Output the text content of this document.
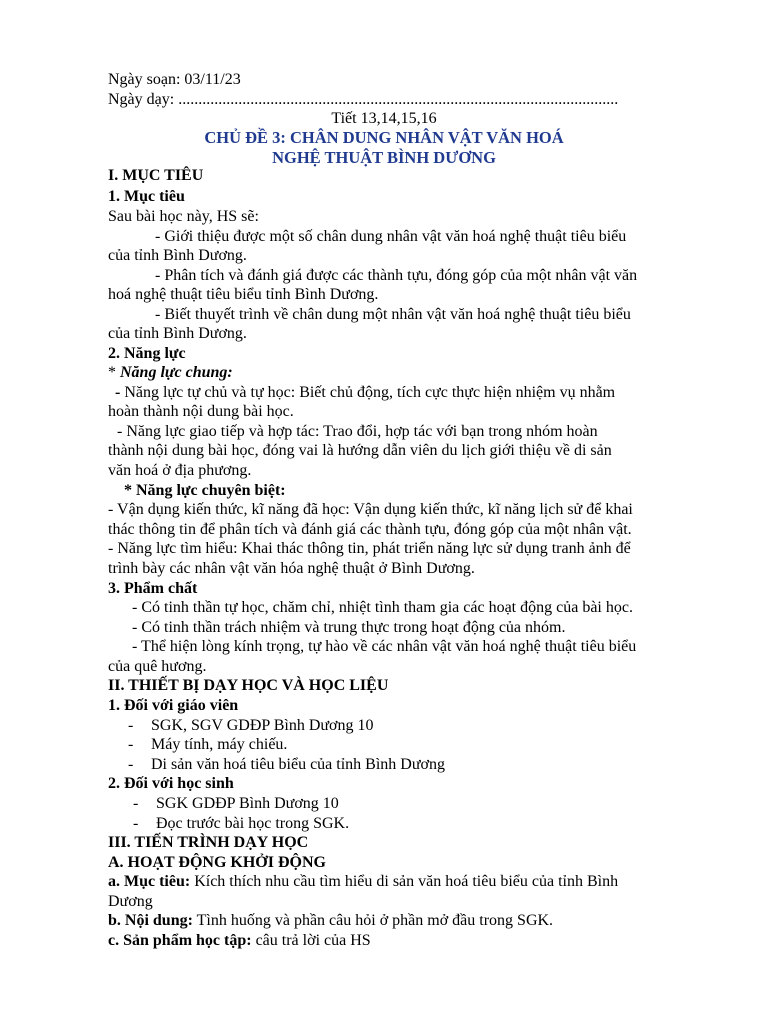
Ngày soạn: 03/11/23
Ngày dạy: ..............................................................................................................
Tiết 13,14,15,16
CHỦ ĐỀ 3: CHÂN DUNG NHÂN VẬT VĂN HOÁ
NGHỆ THUẬT BÌNH DƯƠNG
I. MỤC TIÊU
1. Mục tiêu
Sau bài học này, HS sẽ:
- Giới thiệu được một số chân dung nhân vật văn hoá nghệ thuật tiêu biểu
của tỉnh Bình Dương.
- Phân tích và đánh giá được các thành tựu, đóng góp của một nhân vật văn
hoá nghệ thuật tiêu biểu tỉnh Bình Dương.
- Biết thuyết trình về chân dung một nhân vật văn hoá nghệ thuật tiêu biểu
của tỉnh Bình Dương.
2. Năng lực
* Năng lực chung:
- Năng lực tự chủ và tự học: Biết chủ động, tích cực thực hiện nhiệm vụ nhằm
hoàn thành nội dung bài học.
- Năng lực giao tiếp và hợp tác: Trao đổi, hợp tác với bạn trong nhóm hoàn
thành nội dung bài học, đóng vai là hướng dẫn viên du lịch giới thiệu về di sản
văn hoá ở địa phương.
* Năng lực chuyên biệt:
- Vận dụng kiến thức, kĩ năng đã học: Vận dụng kiến thức, kĩ năng lịch sử để khai
thác thông tin để phân tích và đánh giá các thành tựu, đóng góp của một nhân vật.
- Năng lực tìm hiểu: Khai thác thông tin, phát triển năng lực sử dụng tranh ảnh để
trình bày các nhân vật văn hóa nghệ thuật ở Bình Dương.
3. Phẩm chất
- Có tinh thần tự học, chăm chỉ, nhiệt tình tham gia các hoạt động của bài học.
- Có tinh thần trách nhiệm và trung thực trong hoạt động của nhóm.
- Thể hiện lòng kính trọng, tự hào về các nhân vật văn hoá nghệ thuật tiêu biểu
của quê hương.
II. THIẾT BỊ DẠY HỌC VÀ HỌC LIỆU
1. Đối với giáo viên
- SGK, SGV GDĐP Bình Dương 10
- Máy tính, máy chiếu.
- Di sản văn hoá tiêu biểu của tỉnh Bình Dương
2. Đối với học sinh
- SGK GDĐP Bình Dương 10
- Đọc trước bài học trong SGK.
III. TIẾN TRÌNH DẠY HỌC
A. HOẠT ĐỘNG KHỞI ĐỘNG
a. Mục tiêu: Kích thích nhu cầu tìm hiểu di sản văn hoá tiêu biểu của tỉnh Bình
Dương
b. Nội dung: Tình huống và phần câu hỏi ở phần mở đầu trong SGK.
c. Sản phẩm học tập: câu trả lời của HS
